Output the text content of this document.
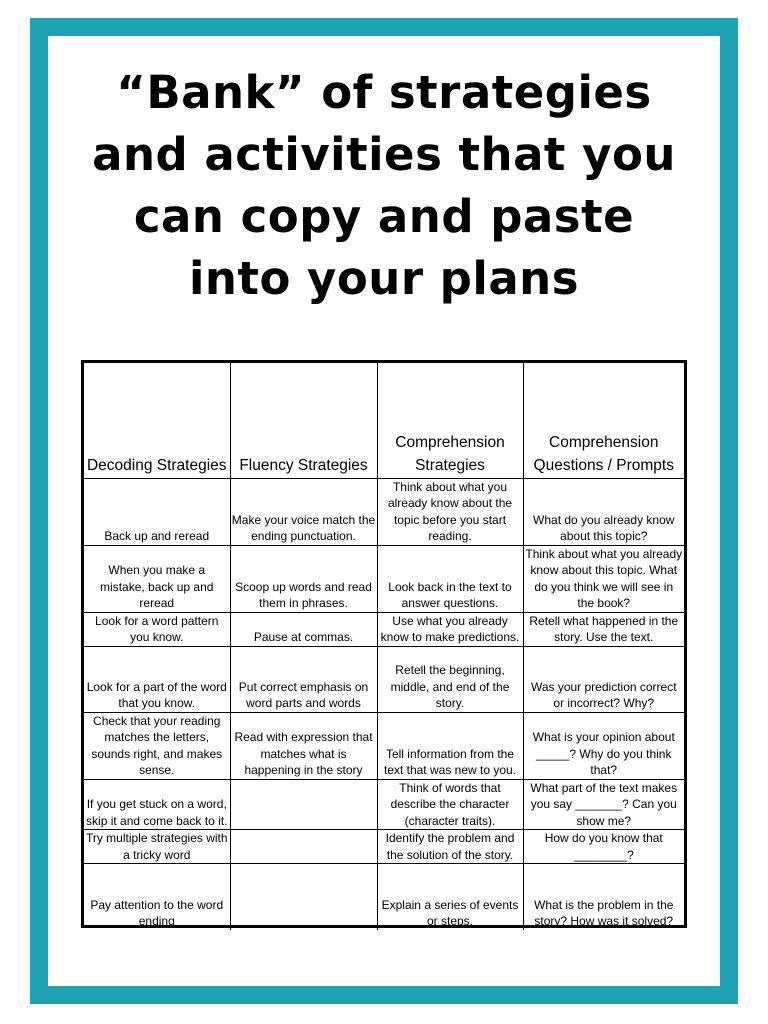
“Bank” of strategies
and activities that you
can copy and paste
into your plans
Decoding Strategies	Fluency Strategies	Comprehension Strategies	Comprehension Questions / Prompts
Back up and reread	Make your voice match the ending punctuation.	Think about what you already know about the topic before you start reading.	What do you already know about this topic?
When you make a mistake, back up and reread	Scoop up words and read them in phrases.	Look back in the text to answer questions.	Think about what you already know about this topic. What do you think we will see in the book?
Look for a word pattern you know.	Pause at commas.	Use what you already know to make predictions.	Retell what happened in the story. Use the text.
Look for a part of the word that you know.	Put correct emphasis on word parts and words	Retell the beginning, middle, and end of the story.	Was your prediction correct or incorrect? Why?
Check that your reading matches the letters, sounds right, and makes sense.	Read with expression that matches what is happening in the story	Tell information from the text that was new to you.	What is your opinion about _____? Why do you think that?
If you get stuck on a word, skip it and come back to it.		Think of words that describe the character (character traits).	What part of the text makes you say _______? Can you show me?
Try multiple strategies with a tricky word		Identify the problem and the solution of the story.	How do you know that ________?
Pay attention to the word ending		Explain a series of events or steps.	What is the problem in the story? How was it solved?
